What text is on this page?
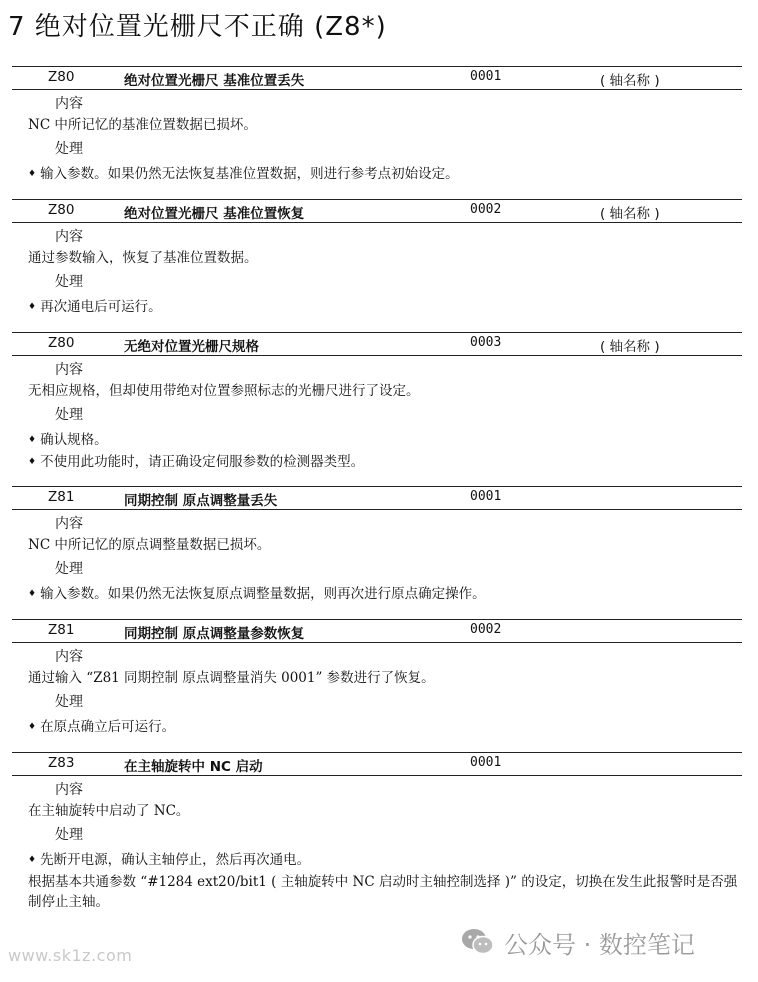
7 绝对位置光栅尺不正确 (Z8*)
Z80	绝对位置光栅尺 基准位置丢失	0001	( 轴名称 )
内容
NC 中所记忆的基准位置数据已损坏。
处理
♦ 输入参数。如果仍然无法恢复基准位置数据，则进行参考点初始设定。
Z80	绝对位置光栅尺 基准位置恢复	0002	( 轴名称 )
内容
通过参数输入，恢复了基准位置数据。
处理
♦ 再次通电后可运行。
Z80	无绝对位置光栅尺规格	0003	( 轴名称 )
内容
无相应规格，但却使用带绝对位置参照标志的光栅尺进行了设定。
处理
♦ 确认规格。
♦ 不使用此功能时，请正确设定伺服参数的检测器类型。
Z81	同期控制 原点调整量丢失	0001
内容
NC 中所记忆的原点调整量数据已损坏。
处理
♦ 输入参数。如果仍然无法恢复原点调整量数据，则再次进行原点确定操作。
Z81	同期控制 原点调整量参数恢复	0002
内容
通过输入 “Z81 同期控制 原点调整量消失 0001” 参数进行了恢复。
处理
♦ 在原点确立后可运行。
Z83	在主轴旋转中 NC 启动	0001
内容
在主轴旋转中启动了 NC。
处理
♦ 先断开电源，确认主轴停止，然后再次通电。
根据基本共通参数 “#1284 ext20/bit1 ( 主轴旋转中 NC 启动时主轴控制选择 )” 的设定，切换在发生此报警时是否强制停止主轴。
www.sk1z.com	公众号 · 数控笔记
